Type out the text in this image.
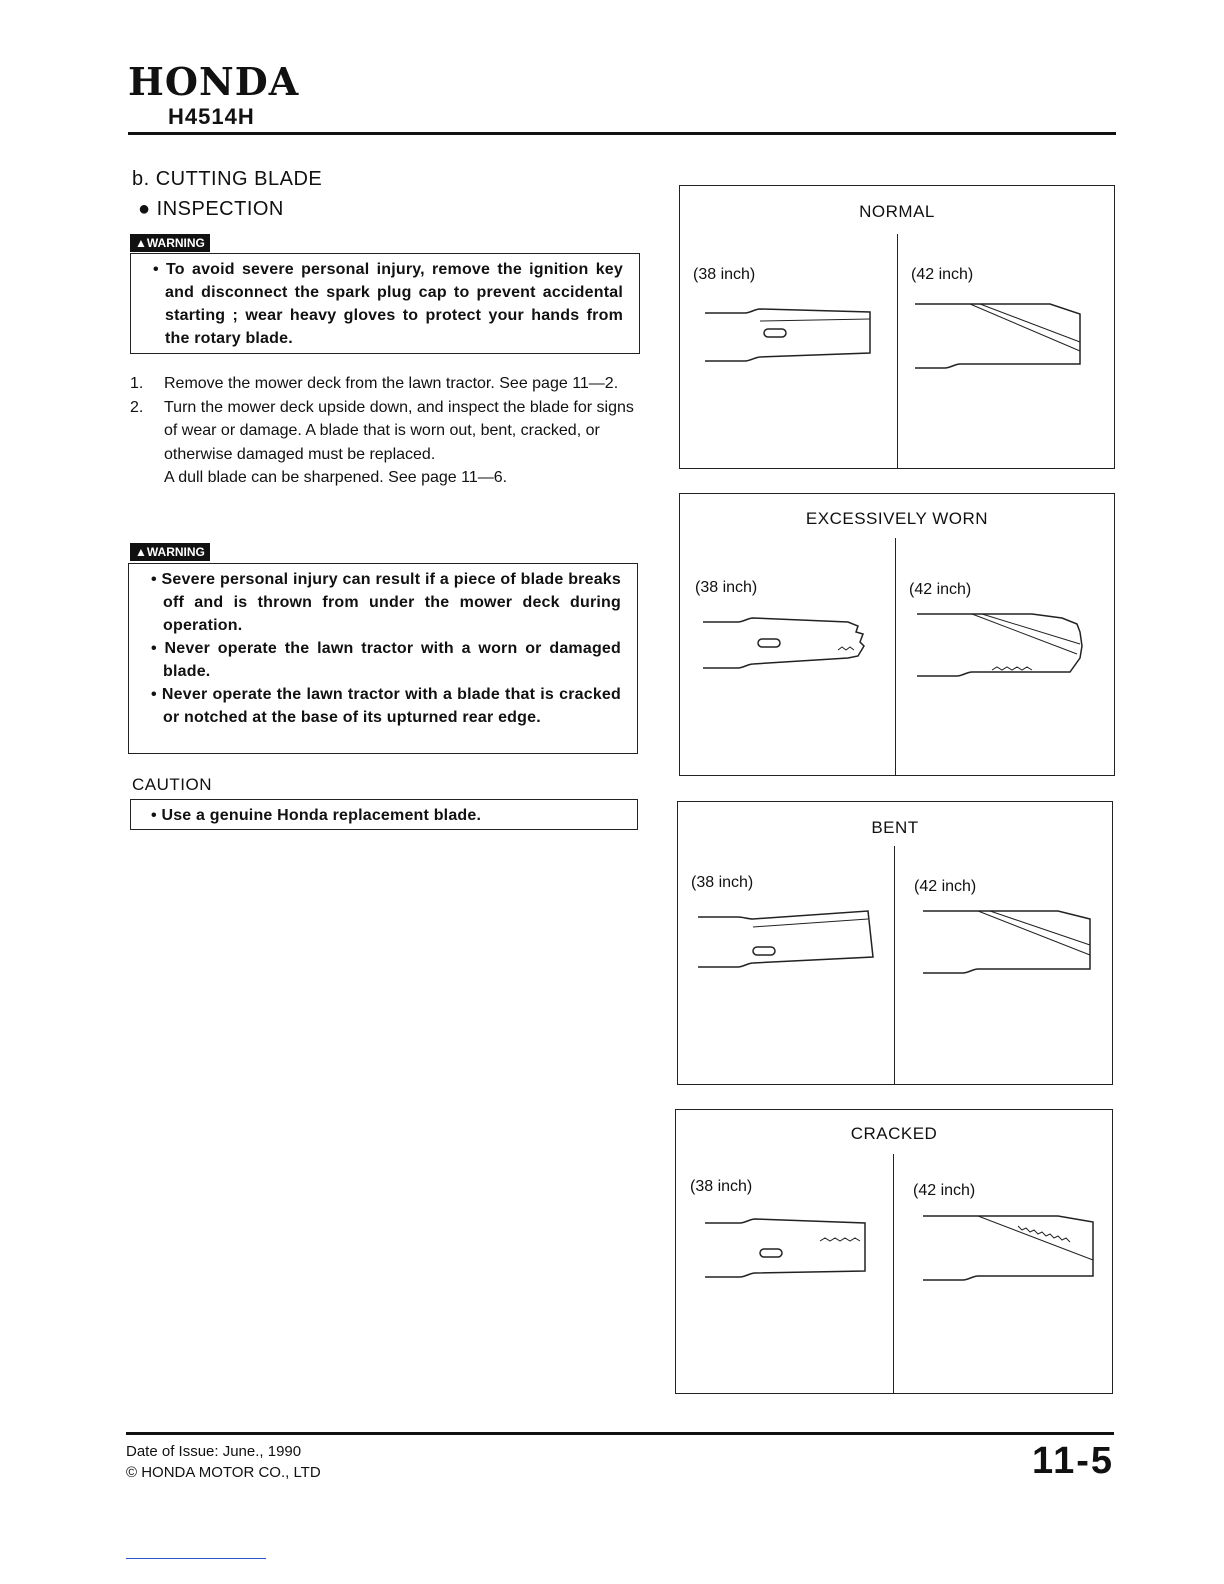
HONDA
H4514H
b. CUTTING BLADE
● INSPECTION
▲WARNING
• To avoid severe personal injury, remove the ignition key and disconnect the spark plug cap to prevent accidental starting ; wear heavy gloves to protect your hands from the rotary blade.
1.	Remove the mower deck from the lawn tractor. See page 11—2.
2.	Turn the mower deck upside down, and inspect the blade for signs of wear or damage. A blade that is worn out, bent, cracked, or otherwise damaged must be replaced.
A dull blade can be sharpened. See page 11—6.
▲WARNING
• Severe personal injury can result if a piece of blade breaks off and is thrown from under the mower deck during operation.
• Never operate the lawn tractor with a worn or damaged blade.
• Never operate the lawn tractor with a blade that is cracked or notched at the base of its upturned rear edge.
CAUTION
• Use a genuine Honda replacement blade.
NORMAL
(38 inch)	(42 inch)
EXCESSIVELY WORN
(38 inch)	(42 inch)
BENT
(38 inch)	(42 inch)
CRACKED
(38 inch)	(42 inch)
Date of Issue: June., 1990
© HONDA MOTOR CO., LTD	11-5
